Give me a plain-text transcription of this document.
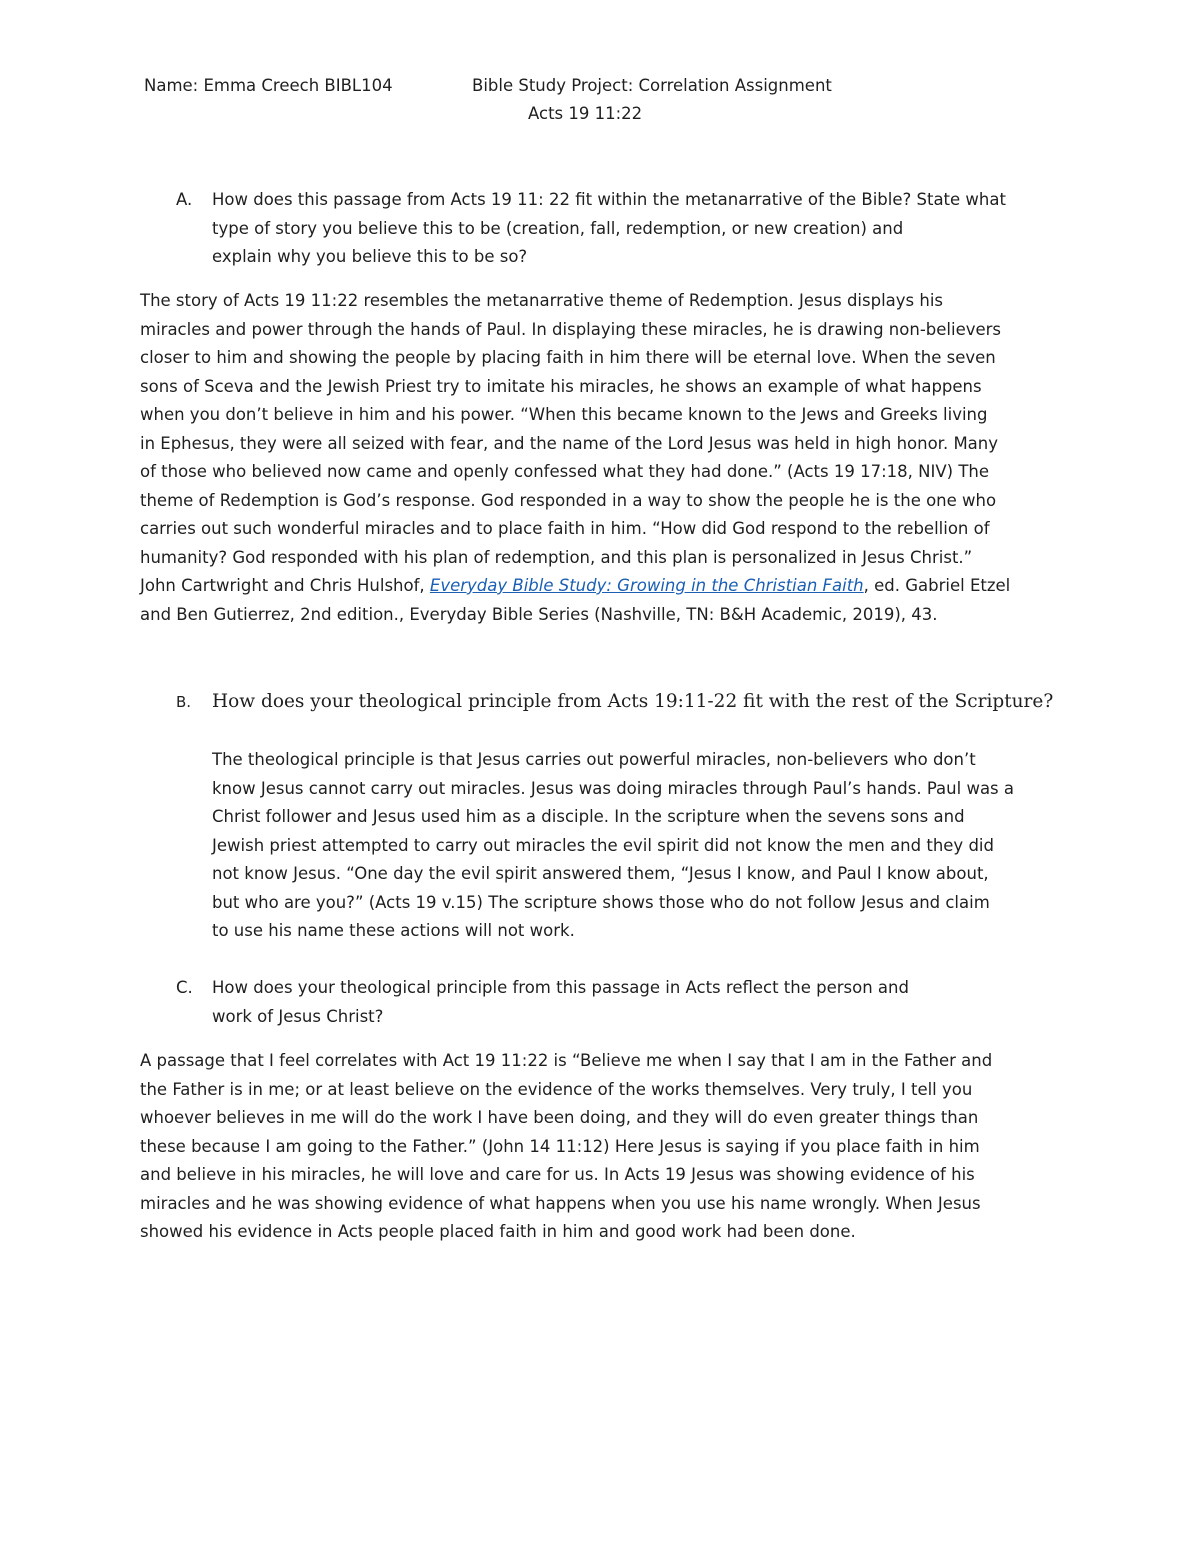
Name: Emma Creech BIBL104	Bible Study Project: Correlation Assignment
Acts 19 11:22
A. How does this passage from Acts 19 11: 22 fit within the metanarrative of the Bible? State what
type of story you believe this to be (creation, fall, redemption, or new creation) and
explain why you believe this to be so?
The story of Acts 19 11:22 resembles the metanarrative theme of Redemption. Jesus displays his
miracles and power through the hands of Paul. In displaying these miracles, he is drawing non-believers
closer to him and showing the people by placing faith in him there will be eternal love. When the seven
sons of Sceva and the Jewish Priest try to imitate his miracles, he shows an example of what happens
when you don’t believe in him and his power. “When this became known to the Jews and Greeks living
in Ephesus, they were all seized with fear, and the name of the Lord Jesus was held in high honor. Many
of those who believed now came and openly confessed what they had done.” (Acts 19 17:18, NIV) The
theme of Redemption is God’s response. God responded in a way to show the people he is the one who
carries out such wonderful miracles and to place faith in him. “How did God respond to the rebellion of
humanity? God responded with his plan of redemption, and this plan is personalized in Jesus Christ.”
John Cartwright and Chris Hulshof, Everyday Bible Study: Growing in the Christian Faith, ed. Gabriel Etzel
and Ben Gutierrez, 2nd edition., Everyday Bible Series (Nashville, TN: B&H Academic, 2019), 43.
B. How does your theological principle from Acts 19:11-22 fit with the rest of the Scripture?
The theological principle is that Jesus carries out powerful miracles, non-believers who don’t
know Jesus cannot carry out miracles. Jesus was doing miracles through Paul’s hands. Paul was a
Christ follower and Jesus used him as a disciple. In the scripture when the sevens sons and
Jewish priest attempted to carry out miracles the evil spirit did not know the men and they did
not know Jesus. “One day the evil spirit answered them, “Jesus I know, and Paul I know about,
but who are you?” (Acts 19 v.15) The scripture shows those who do not follow Jesus and claim
to use his name these actions will not work.
C. How does your theological principle from this passage in Acts reflect the person and
work of Jesus Christ?
A passage that I feel correlates with Act 19 11:22 is “Believe me when I say that I am in the Father and
the Father is in me; or at least believe on the evidence of the works themselves. Very truly, I tell you
whoever believes in me will do the work I have been doing, and they will do even greater things than
these because I am going to the Father.” (John 14 11:12) Here Jesus is saying if you place faith in him
and believe in his miracles, he will love and care for us. In Acts 19 Jesus was showing evidence of his
miracles and he was showing evidence of what happens when you use his name wrongly. When Jesus
showed his evidence in Acts people placed faith in him and good work had been done.
